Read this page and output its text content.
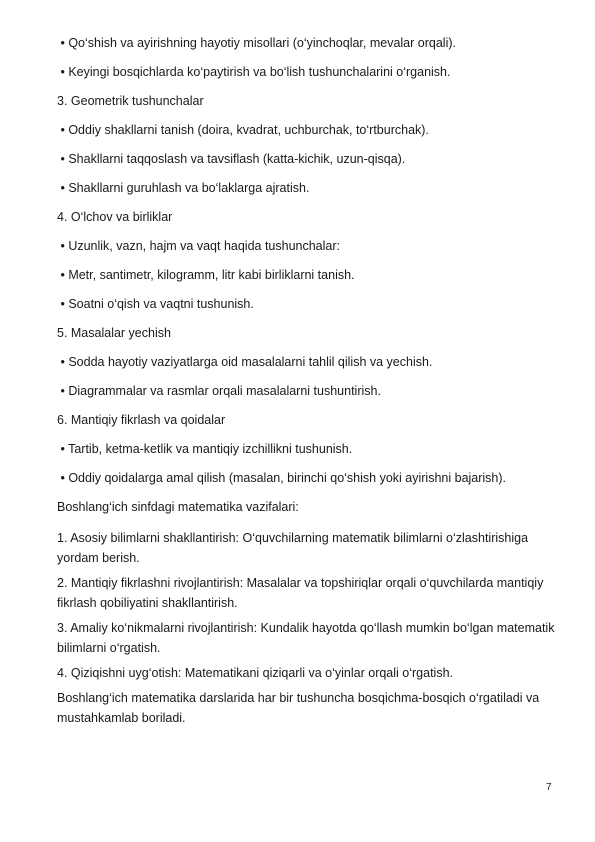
• Qo‘shish va ayirishning hayotiy misollari (o‘yinchoqlar, mevalar orqali).
• Keyingi bosqichlarda ko‘paytirish va bo‘lish tushunchalarini o‘rganish.
3. Geometrik tushunchalar
• Oddiy shakllarni tanish (doira, kvadrat, uchburchak, to‘rtburchak).
• Shakllarni taqqoslash va tavsiflash (katta-kichik, uzun-qisqa).
• Shakllarni guruhlash va bo‘laklarga ajratish.
4. O‘lchov va birliklar
• Uzunlik, vazn, hajm va vaqt haqida tushunchalar:
• Metr, santimetr, kilogramm, litr kabi birliklarni tanish.
• Soatni o‘qish va vaqtni tushunish.
5. Masalalar yechish
• Sodda hayotiy vaziyatlarga oid masalalarni tahlil qilish va yechish.
• Diagrammalar va rasmlar orqali masalalarni tushuntirish.
6. Mantiqiy fikrlash va qoidalar
• Tartib, ketma-ketlik va mantiqiy izchillikni tushunish.
• Oddiy qoidalarga amal qilish (masalan, birinchi qo‘shish yoki ayirishni bajarish).
Boshlang‘ich sinfdagi matematika vazifalari:
1. Asosiy bilimlarni shakllantirish: O‘quvchilarning matematik bilimlarni o‘zlashtirishiga yordam berish.
2. Mantiqiy fikrlashni rivojlantirish: Masalalar va topshiriqlar orqali o‘quvchilarda mantiqiy fikrlash qobiliyatini shakllantirish.
3. Amaliy ko‘nikmalarni rivojlantirish: Kundalik hayotda qo‘llash mumkin bo‘lgan matematik bilimlarni o‘rgatish.
4. Qiziqishni uyg‘otish: Matematikani qiziqarli va o‘yinlar orqali o‘rgatish.
Boshlang‘ich matematika darslarida har bir tushuncha bosqichma-bosqich o‘rgatiladi va mustahkamlab boriladi.
7
